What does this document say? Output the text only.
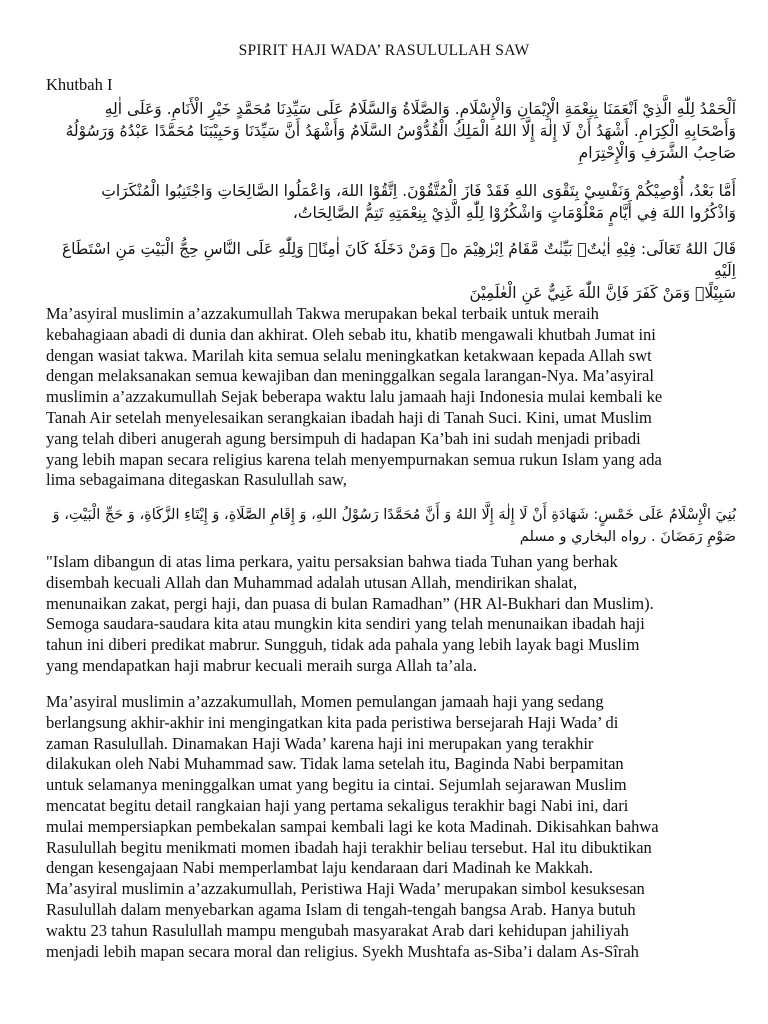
SPIRIT HAJI WADA’ RASULULLAH SAW
Khutbah I
اَلْحَمْدُ لِلّٰهِ الَّذِيْ اَنْعَمَنَا بِنِعْمَةِ الْإِيْمَانِ وَالْإِسْلَامِ. وَالصَّلَاةُ وَالسَّلَامُ عَلَى سَيِّدِنَا مُحَمَّدٍ خَيْرِ الْأَنَامِ. وَعَلَى اٰلِهِ
وَأَصْحَابِهِ الْكِرَامِ. أَشْهَدُ أَنْ لَا إِلٰهَ إِلَّا اللهُ الْمَلِكُ الْقُدُّوْسُ السَّلَامُ وَأَشْهَدُ أَنَّ سَيِّدَنَا وَحَبِيْبَنَا مُحَمَّدًا عَبْدُهُ وَرَسُوْلُهُ
صَاحِبُ الشَّرَفِ وَالْإِحْتِرَامِ
أَمَّا بَعْدُ، أُوْصِيْكُمْ وَنَفْسِيْ بِتَقْوَى اللهِ فَقَدْ فَازَ الْمُتَّقُوْنَ. اِتَّقُوْا اللهَ، وَاعْمَلُوا الصَّالِحَاتِ وَاجْتَنِبُوا الْمُنْكَرَاتِ
وَاذْكُرُوا اللهَ فِي أَيَّامٍ مَعْلُوْمَاتٍ وَاشْكُرُوْا لِلّٰهِ الَّذِيْ بِنِعْمَتِهِ تَتِمُّ الصَّالِحَاتُ،
قَالَ اللهُ تَعَالَى: فِيْهِ اٰيٰتٌۢ بَيِّنٰتٌ مَّقَامُ اِبْرٰهِيْمَ ەۚ وَمَنْ دَخَلَهٗ كَانَ اٰمِنًاۗ وَلِلّٰهِ عَلَى النَّاسِ حِجُّ الْبَيْتِ مَنِ اسْتَطَاعَ اِلَيْهِ
سَبِيْلًاۗ وَمَنْ كَفَرَ فَاِنَّ اللّٰهَ غَنِيٌّ عَنِ الْعٰلَمِيْنَ
Ma’asyiral muslimin a’azzakumullah Takwa merupakan bekal terbaik untuk meraih
kebahagiaan abadi di dunia dan akhirat. Oleh sebab itu, khatib mengawali khutbah Jumat ini
dengan wasiat takwa. Marilah kita semua selalu meningkatkan ketakwaan kepada Allah swt
dengan melaksanakan semua kewajiban dan meninggalkan segala larangan-Nya. Ma’asyiral
muslimin a’azzakumullah Sejak beberapa waktu lalu jamaah haji Indonesia mulai kembali ke
Tanah Air setelah menyelesaikan serangkaian ibadah haji di Tanah Suci. Kini, umat Muslim
yang telah diberi anugerah agung bersimpuh di hadapan Ka’bah ini sudah menjadi pribadi
yang lebih mapan secara religius karena telah menyempurnakan semua rukun Islam yang ada
lima sebagaimana ditegaskan Rasulullah saw,
بُنِيَ الْإِسْلَامُ عَلَى خَمْسٍ: شَهَادَةِ أَنْ لَا إِلٰهَ إِلَّا اللهُ وَ أَنَّ مُحَمَّدًا رَسُوْلُ اللهِ، وَ إِقَامِ الصَّلَاةِ، وَ إِيْتَاءِ الزَّكَاةِ، وَ حَجِّ الْبَيْتِ، وَ
صَوْمِ رَمَضَانَ . رواه البخاري و مسلم
"Islam dibangun di atas lima perkara, yaitu persaksian bahwa tiada Tuhan yang berhak
disembah kecuali Allah dan Muhammad adalah utusan Allah, mendirikan shalat,
menunaikan zakat, pergi haji, dan puasa di bulan Ramadhan” (HR Al-Bukhari dan Muslim).
Semoga saudara-saudara kita atau mungkin kita sendiri yang telah menunaikan ibadah haji
tahun ini diberi predikat mabrur. Sungguh, tidak ada pahala yang lebih layak bagi Muslim
yang mendapatkan haji mabrur kecuali meraih surga Allah ta’ala.
Ma’asyiral muslimin a’azzakumullah, Momen pemulangan jamaah haji yang sedang
berlangsung akhir-akhir ini mengingatkan kita pada peristiwa bersejarah Haji Wada’ di
zaman Rasulullah. Dinamakan Haji Wada’ karena haji ini merupakan yang terakhir
dilakukan oleh Nabi Muhammad saw. Tidak lama setelah itu, Baginda Nabi berpamitan
untuk selamanya meninggalkan umat yang begitu ia cintai. Sejumlah sejarawan Muslim
mencatat begitu detail rangkaian haji yang pertama sekaligus terakhir bagi Nabi ini, dari
mulai mempersiapkan pembekalan sampai kembali lagi ke kota Madinah. Dikisahkan bahwa
Rasulullah begitu menikmati momen ibadah haji terakhir beliau tersebut. Hal itu dibuktikan
dengan kesengajaan Nabi memperlambat laju kendaraan dari Madinah ke Makkah.
Ma’asyiral muslimin a’azzakumullah, Peristiwa Haji Wada’ merupakan simbol kesuksesan
Rasulullah dalam menyebarkan agama Islam di tengah-tengah bangsa Arab. Hanya butuh
waktu 23 tahun Rasulullah mampu mengubah masyarakat Arab dari kehidupan jahiliyah
menjadi lebih mapan secara moral dan religius. Syekh Mushtafa as-Siba’i dalam As-Sîrah
